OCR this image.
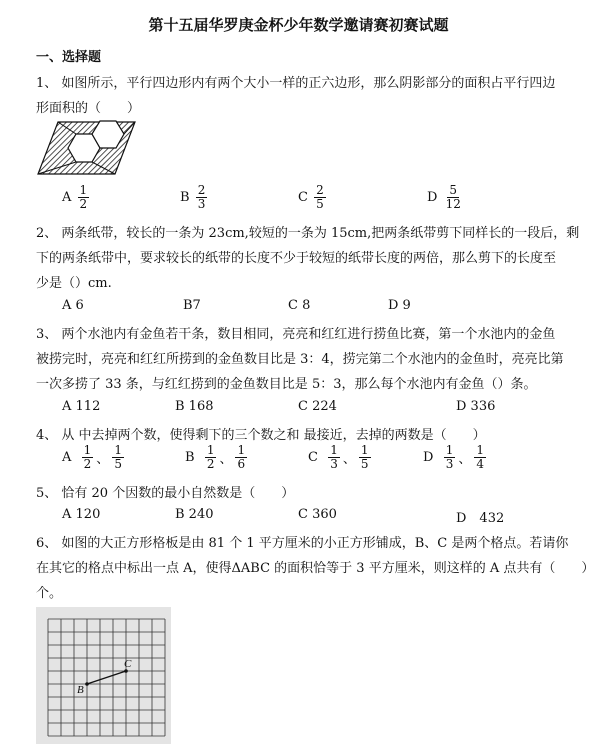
第十五届华罗庚金杯少年数学邀请赛初赛试题
一、选择题
1、 如图所示，平行四边形内有两个大小一样的正六边形，那么阴影部分的面积占平行四边
形面积的（　　）
A $\frac{1}{2}$	B $\frac{2}{3}$	C $\frac{2}{5}$	D $\frac{5}{12}$
2、 两条纸带，较长的一条为 23cm,较短的一条为 15cm,把两条纸带剪下同样长的一段后，剩
下的两条纸带中，要求较长的纸带的长度不少于较短的纸带长度的两倍，那么剪下的长度至
少是（）cm.
A 6	B7	C 8	D 9
3、 两个水池内有金鱼若干条，数目相同，亮亮和红红进行捞鱼比赛，第一个水池内的金鱼
被捞完时，亮亮和红红所捞到的金鱼数目比是 3：4，捞完第二个水池内的金鱼时，亮亮比第
一次多捞了 33 条，与红红捞到的金鱼数目比是 5：3，那么每个水池内有金鱼（）条。
A 112	B 168	C 224	D 336
4、 从 中去掉两个数，使得剩下的三个数之和 最接近，去掉的两数是（　　）
A $\frac{1}{2}$ 、 $\frac{1}{5}$	B $\frac{1}{2}$ 、 $\frac{1}{6}$	C $\frac{1}{3}$ 、 $\frac{1}{5}$	D $\frac{1}{3}$ 、 $\frac{1}{4}$
5、 恰有 20 个因数的最小自然数是（　　）
A 120	B 240	C 360	D　432
6、 如图的大正方形格板是由 81 个 1 平方厘米的小正方形铺成，B、C 是两个格点。若请你
在其它的格点中标出一点 A，使得ΔABC 的面积恰等于 3 平方厘米，则这样的 A 点共有（　　）
个。
B
C
